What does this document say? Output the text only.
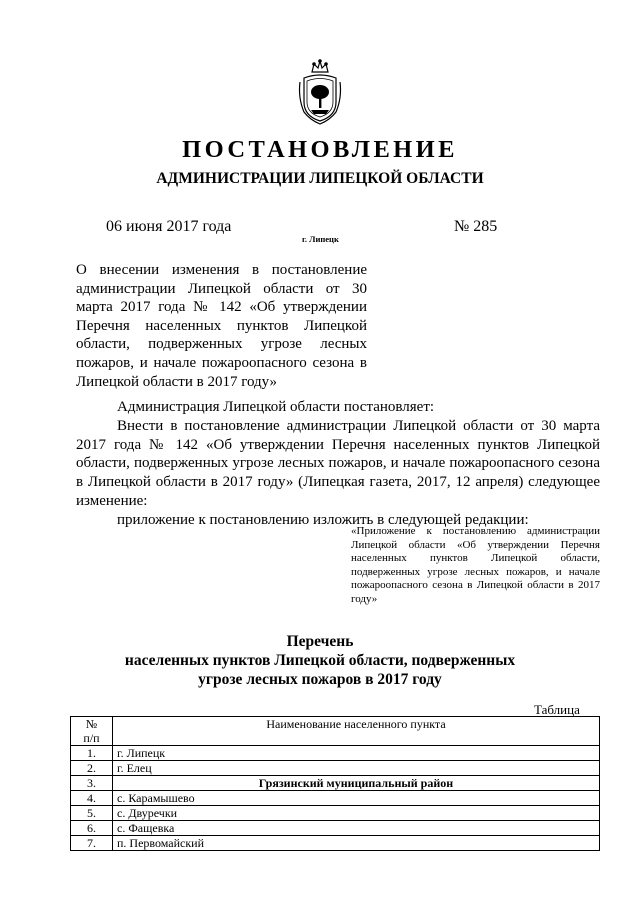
ПОСТАНОВЛЕНИЕ
АДМИНИСТРАЦИИ ЛИПЕЦКОЙ ОБЛАСТИ
06 июня 2017 года
г. Липецк
№ 285
О внесении изменения в постановление администрации Липецкой области от 30 марта 2017 года № 142 «Об утверждении Перечня населенных пунктов Липецкой области, подверженных угрозе лесных пожаров, и начале пожароопасного сезона в Липецкой области в 2017 году»

Администрация Липецкой области постановляет:

Внести в постановление администрации Липецкой области от 30 марта 2017 года № 142 «Об утверждении Перечня населенных пунктов Липецкой области, подверженных угрозе лесных пожаров, и начале пожароопасного сезона в Липецкой области в 2017 году» (Липецкая газета, 2017, 12 апреля) следующее изменение:

приложение к постановлению изложить в следующей редакции:

«Приложение к постановлению администрации Липецкой области «Об утверждении Перечня населенных пунктов Липецкой области, подверженных угрозе лесных пожаров, и начале пожароопасного сезона в Липецкой области в 2017 году»
Перечень
населенных пунктов Липецкой области, подверженных
угрозе лесных пожаров в 2017 году
Таблица
№
п/п	Наименование населенного пункта
1.	г. Липецк
2.	г. Елец
3.	Грязинский муниципальный район
4.	с. Карамышево
5.	с. Двуречки
6.	с. Фащевка
7.	п. Первомайский
